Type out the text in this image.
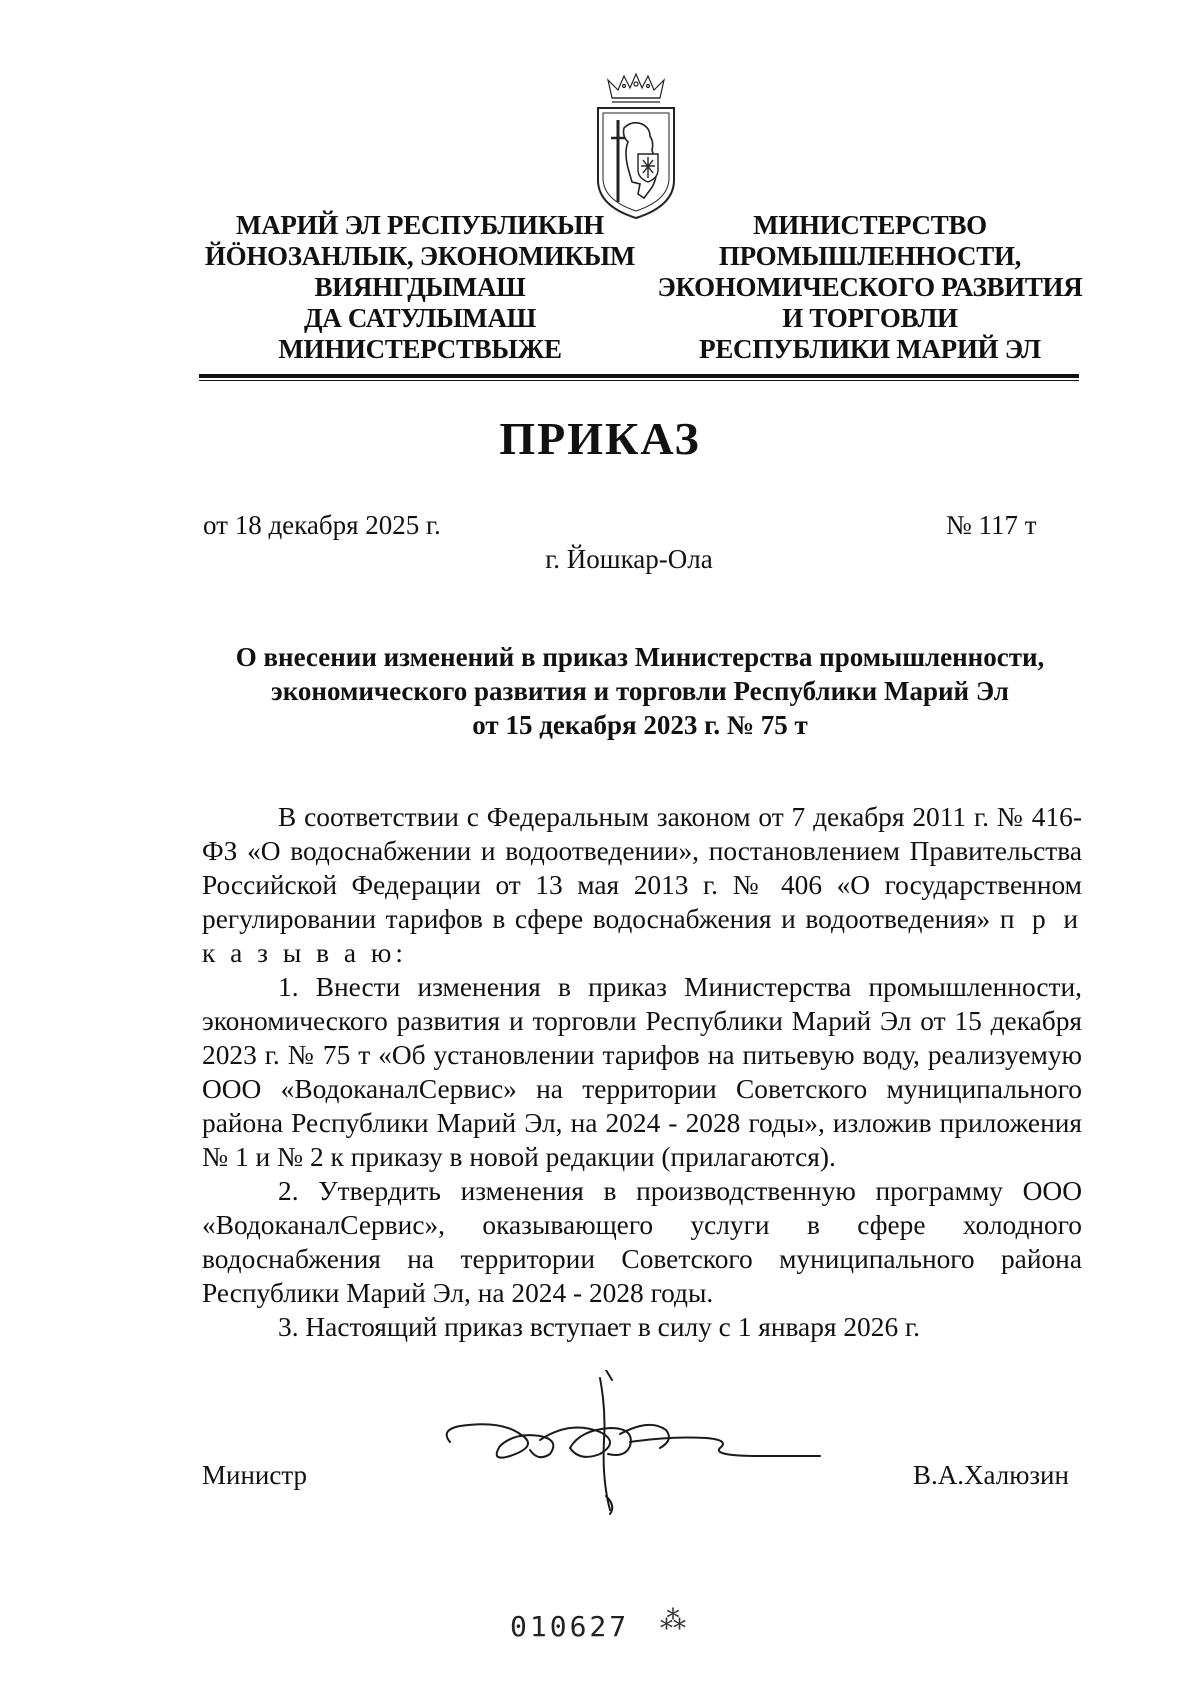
МАРИЙ ЭЛ РЕСПУБЛИКЫН
ЙÖНОЗАНЛЫК, ЭКОНОМИКЫМ
ВИЯНГДЫМАШ
ДА САТУЛЫМАШ
МИНИСТЕРСТВЫЖЕ
МИНИСТЕРСТВО
ПРОМЫШЛЕННОСТИ,
ЭКОНОМИЧЕСКОГО РАЗВИТИЯ
И ТОРГОВЛИ
РЕСПУБЛИКИ МАРИЙ ЭЛ
ПРИКАЗ
от 18 декабря 2025 г.	№ 117 т
г. Йошкар-Ола
О внесении изменений в приказ Министерства промышленности,
экономического развития и торговли Республики Марий Эл
от 15 декабря 2023 г. № 75 т

В соответствии с Федеральным законом от 7 декабря 2011 г. № 416-ФЗ «О водоснабжении и водоотведении», постановлением Правительства Российской Федерации от 13 мая 2013 г. № 406 «О государственном регулировании тарифов в сфере водоснабжения и водоотведения» п р и к а з ы в а ю:

1. Внести изменения в приказ Министерства промышленности, экономического развития и торговли Республики Марий Эл от 15 декабря 2023 г. № 75 т «Об установлении тарифов на питьевую воду, реализуемую ООО «ВодоканалСервис» на территории Советского муниципального района Республики Марий Эл, на 2024 - 2028 годы», изложив приложения № 1 и № 2 к приказу в новой редакции (прилагаются).

2. Утвердить изменения в производственную программу ООО «ВодоканалСервис», оказывающего услуги в сфере холодного водоснабжения на территории Советского муниципального района Республики Марий Эл, на 2024 - 2028 годы.

3. Настоящий приказ вступает в силу с 1 января 2026 г.

Министр	В.А.Халюзин
010627 ⁂
